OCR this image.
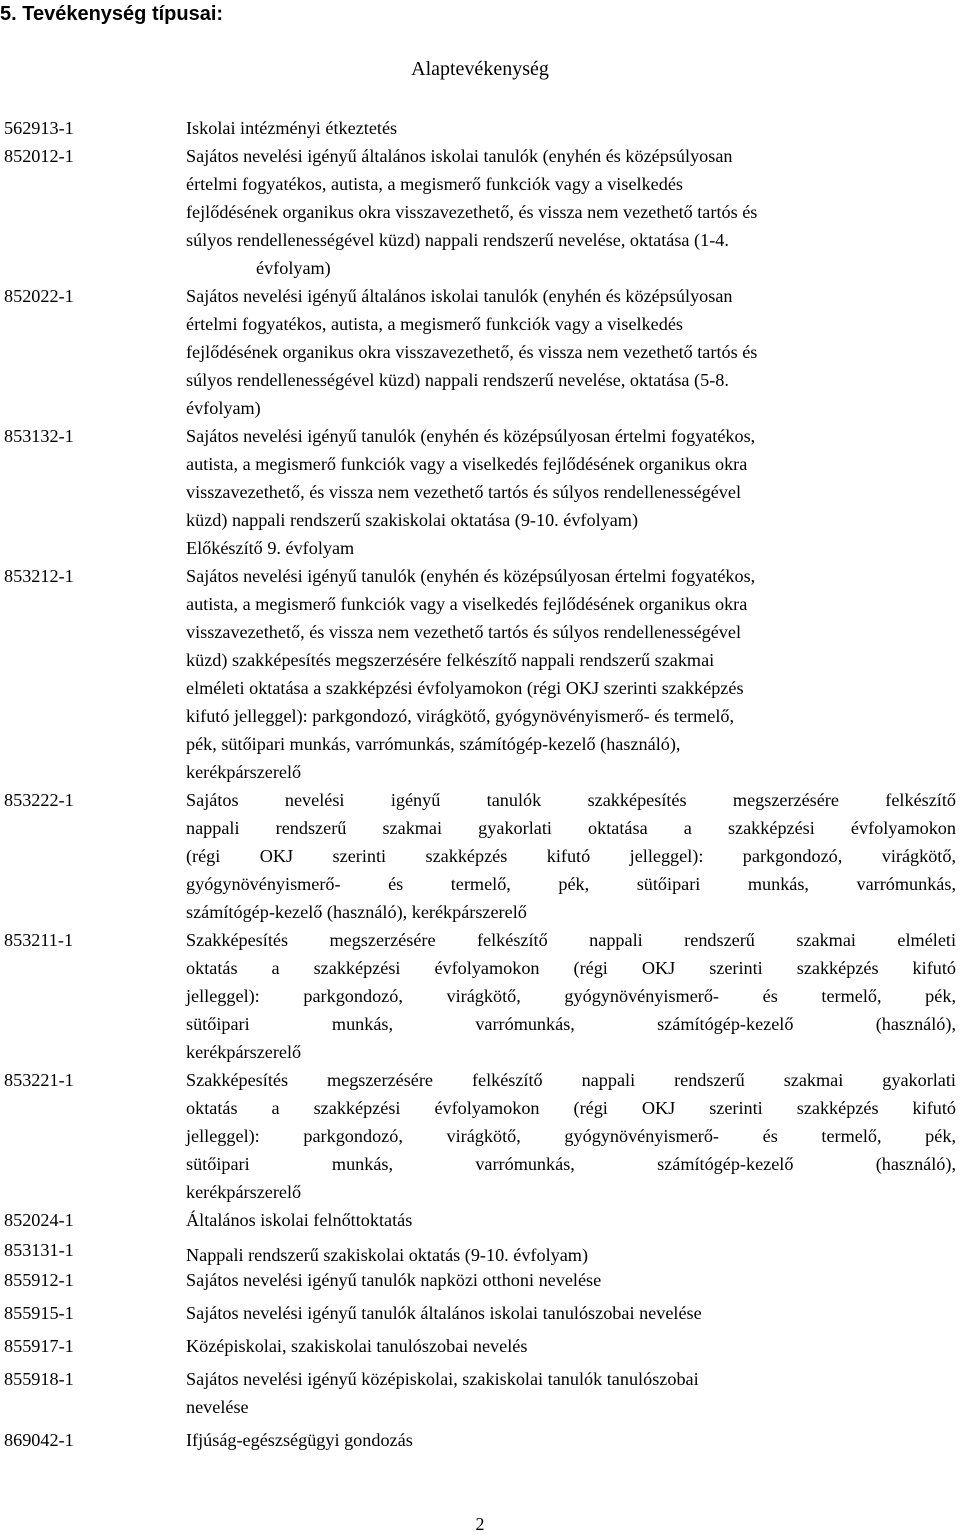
5. Tevékenység típusai:
Alaptevékenység
562913-1	Iskolai intézményi étkeztetés
852012-1	Sajátos nevelési igényű általános iskolai tanulók (enyhén és középsúlyosan
értelmi fogyatékos, autista, a megismerő funkciók vagy a viselkedés
fejlődésének organikus okra visszavezethető, és vissza nem vezethető tartós és
súlyos rendellenességével küzd) nappali rendszerű nevelése, oktatása (1-4.
évfolyam)
852022-1	Sajátos nevelési igényű általános iskolai tanulók (enyhén és középsúlyosan
értelmi fogyatékos, autista, a megismerő funkciók vagy a viselkedés
fejlődésének organikus okra visszavezethető, és vissza nem vezethető tartós és
súlyos rendellenességével küzd) nappali rendszerű nevelése, oktatása (5-8.
évfolyam)
853132-1	Sajátos nevelési igényű tanulók (enyhén és középsúlyosan értelmi fogyatékos,
autista, a megismerő funkciók vagy a viselkedés fejlődésének organikus okra
visszavezethető, és vissza nem vezethető tartós és súlyos rendellenességével
küzd) nappali rendszerű szakiskolai oktatása (9-10. évfolyam)
Előkészítő 9. évfolyam
853212-1	Sajátos nevelési igényű tanulók (enyhén és középsúlyosan értelmi fogyatékos,
autista, a megismerő funkciók vagy a viselkedés fejlődésének organikus okra
visszavezethető, és vissza nem vezethető tartós és súlyos rendellenességével
küzd) szakképesítés megszerzésére felkészítő nappali rendszerű szakmai
elméleti oktatása a szakképzési évfolyamokon (régi OKJ szerinti szakképzés
kifutó jelleggel): parkgondozó, virágkötő, gyógynövényismerő- és termelő,
pék, sütőipari munkás, varrómunkás, számítógép-kezelő (használó),
kerékpárszerelő
853222-1	Sajátos nevelési igényű tanulók szakképesítés megszerzésére felkészítő
nappali rendszerű szakmai gyakorlati oktatása a szakképzési évfolyamokon
(régi OKJ szerinti szakképzés kifutó jelleggel): parkgondozó, virágkötő,
gyógynövényismerő- és termelő, pék, sütőipari munkás, varrómunkás,
számítógép-kezelő (használó), kerékpárszerelő
853211-1	Szakképesítés megszerzésére felkészítő nappali rendszerű szakmai elméleti
oktatás a szakképzési évfolyamokon (régi OKJ szerinti szakképzés kifutó
jelleggel): parkgondozó, virágkötő, gyógynövényismerő- és termelő, pék,
sütőipari munkás, varrómunkás, számítógép-kezelő (használó),
kerékpárszerelő
853221-1	Szakképesítés megszerzésére felkészítő nappali rendszerű szakmai gyakorlati
oktatás a szakképzési évfolyamokon (régi OKJ szerinti szakképzés kifutó
jelleggel): parkgondozó, virágkötő, gyógynövényismerő- és termelő, pék,
sütőipari munkás, varrómunkás, számítógép-kezelő (használó),
kerékpárszerelő
852024-1	Általános iskolai felnőttoktatás
853131-1	Nappali rendszerű szakiskolai oktatás (9-10. évfolyam)
855912-1	Sajátos nevelési igényű tanulók napközi otthoni nevelése
855915-1	Sajátos nevelési igényű tanulók általános iskolai tanulószobai nevelése
855917-1	Középiskolai, szakiskolai tanulószobai nevelés
855918-1	Sajátos nevelési igényű középiskolai, szakiskolai tanulók tanulószobai
nevelése
869042-1	Ifjúság-egészségügyi gondozás
2
